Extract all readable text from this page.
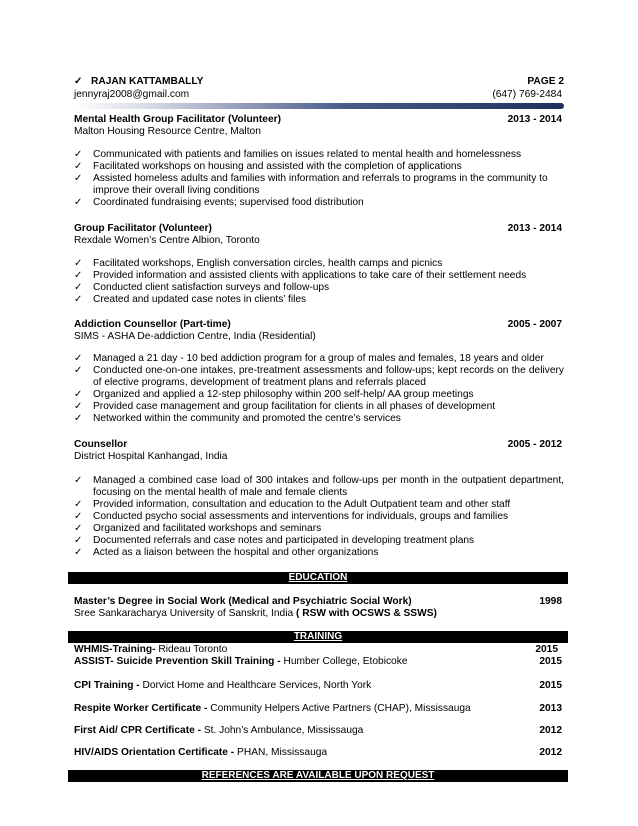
✓ RAJAN KATTAMBALLY	PAGE 2
jennyraj2008@gmail.com	(647) 769-2484
Mental Health Group Facilitator (Volunteer)	2013 - 2014
Malton Housing Resource Centre, Malton
✓ Communicated with patients and families on issues related to mental health and homelessness
✓ Facilitated workshops on housing and assisted with the completion of applications
✓ Assisted homeless adults and families with information and referrals to programs in the community to improve their overall living conditions
✓ Coordinated fundraising events; supervised food distribution
Group Facilitator (Volunteer)	2013 - 2014
Rexdale Women’s Centre Albion, Toronto
✓ Facilitated workshops, English conversation circles, health camps and picnics
✓ Provided information and assisted clients with applications to take care of their settlement needs
✓ Conducted client satisfaction surveys and follow-ups
✓ Created and updated case notes in clients’ files
Addiction Counsellor (Part-time)	2005 - 2007
SIMS - ASHA De-addiction Centre, India (Residential)
✓ Managed a 21 day - 10 bed addiction program for a group of males and females, 18 years and older
✓ Conducted one-on-one intakes, pre-treatment assessments and follow-ups; kept records on the delivery of elective programs, development of treatment plans and referrals placed
✓ Organized and applied a 12-step philosophy within 200 self-help/ AA group meetings
✓ Provided case management and group facilitation for clients in all phases of development
✓ Networked within the community and promoted the centre’s services
Counsellor	2005 - 2012
District Hospital Kanhangad, India
✓ Managed a combined case load of 300 intakes and follow-ups per month in the outpatient department, focusing on the mental health of male and female clients
✓ Provided information, consultation and education to the Adult Outpatient team and other staff
✓ Conducted psycho social assessments and interventions for individuals, groups and families
✓ Organized and facilitated workshops and seminars
✓ Documented referrals and case notes and participated in developing treatment plans
✓ Acted as a liaison between the hospital and other organizations
EDUCATION
Master’s Degree in Social Work (Medical and Psychiatric Social Work)	1998
Sree Sankaracharya University of Sanskrit, India ( RSW with OCSWS & SSWS)
TRAINING
WHMIS-Training- Rideau Toronto	2015
ASSIST- Suicide Prevention Skill Training - Humber College, Etobicoke	2015
CPI Training - Dorvict Home and Healthcare Services, North York	2015
Respite Worker Certificate - Community Helpers Active Partners (CHAP), Mississauga	2013
First Aid/ CPR Certificate - St. John’s Ambulance, Mississauga	2012
HIV/AIDS Orientation Certificate - PHAN, Mississauga	2012
REFERENCES ARE AVAILABLE UPON REQUEST
